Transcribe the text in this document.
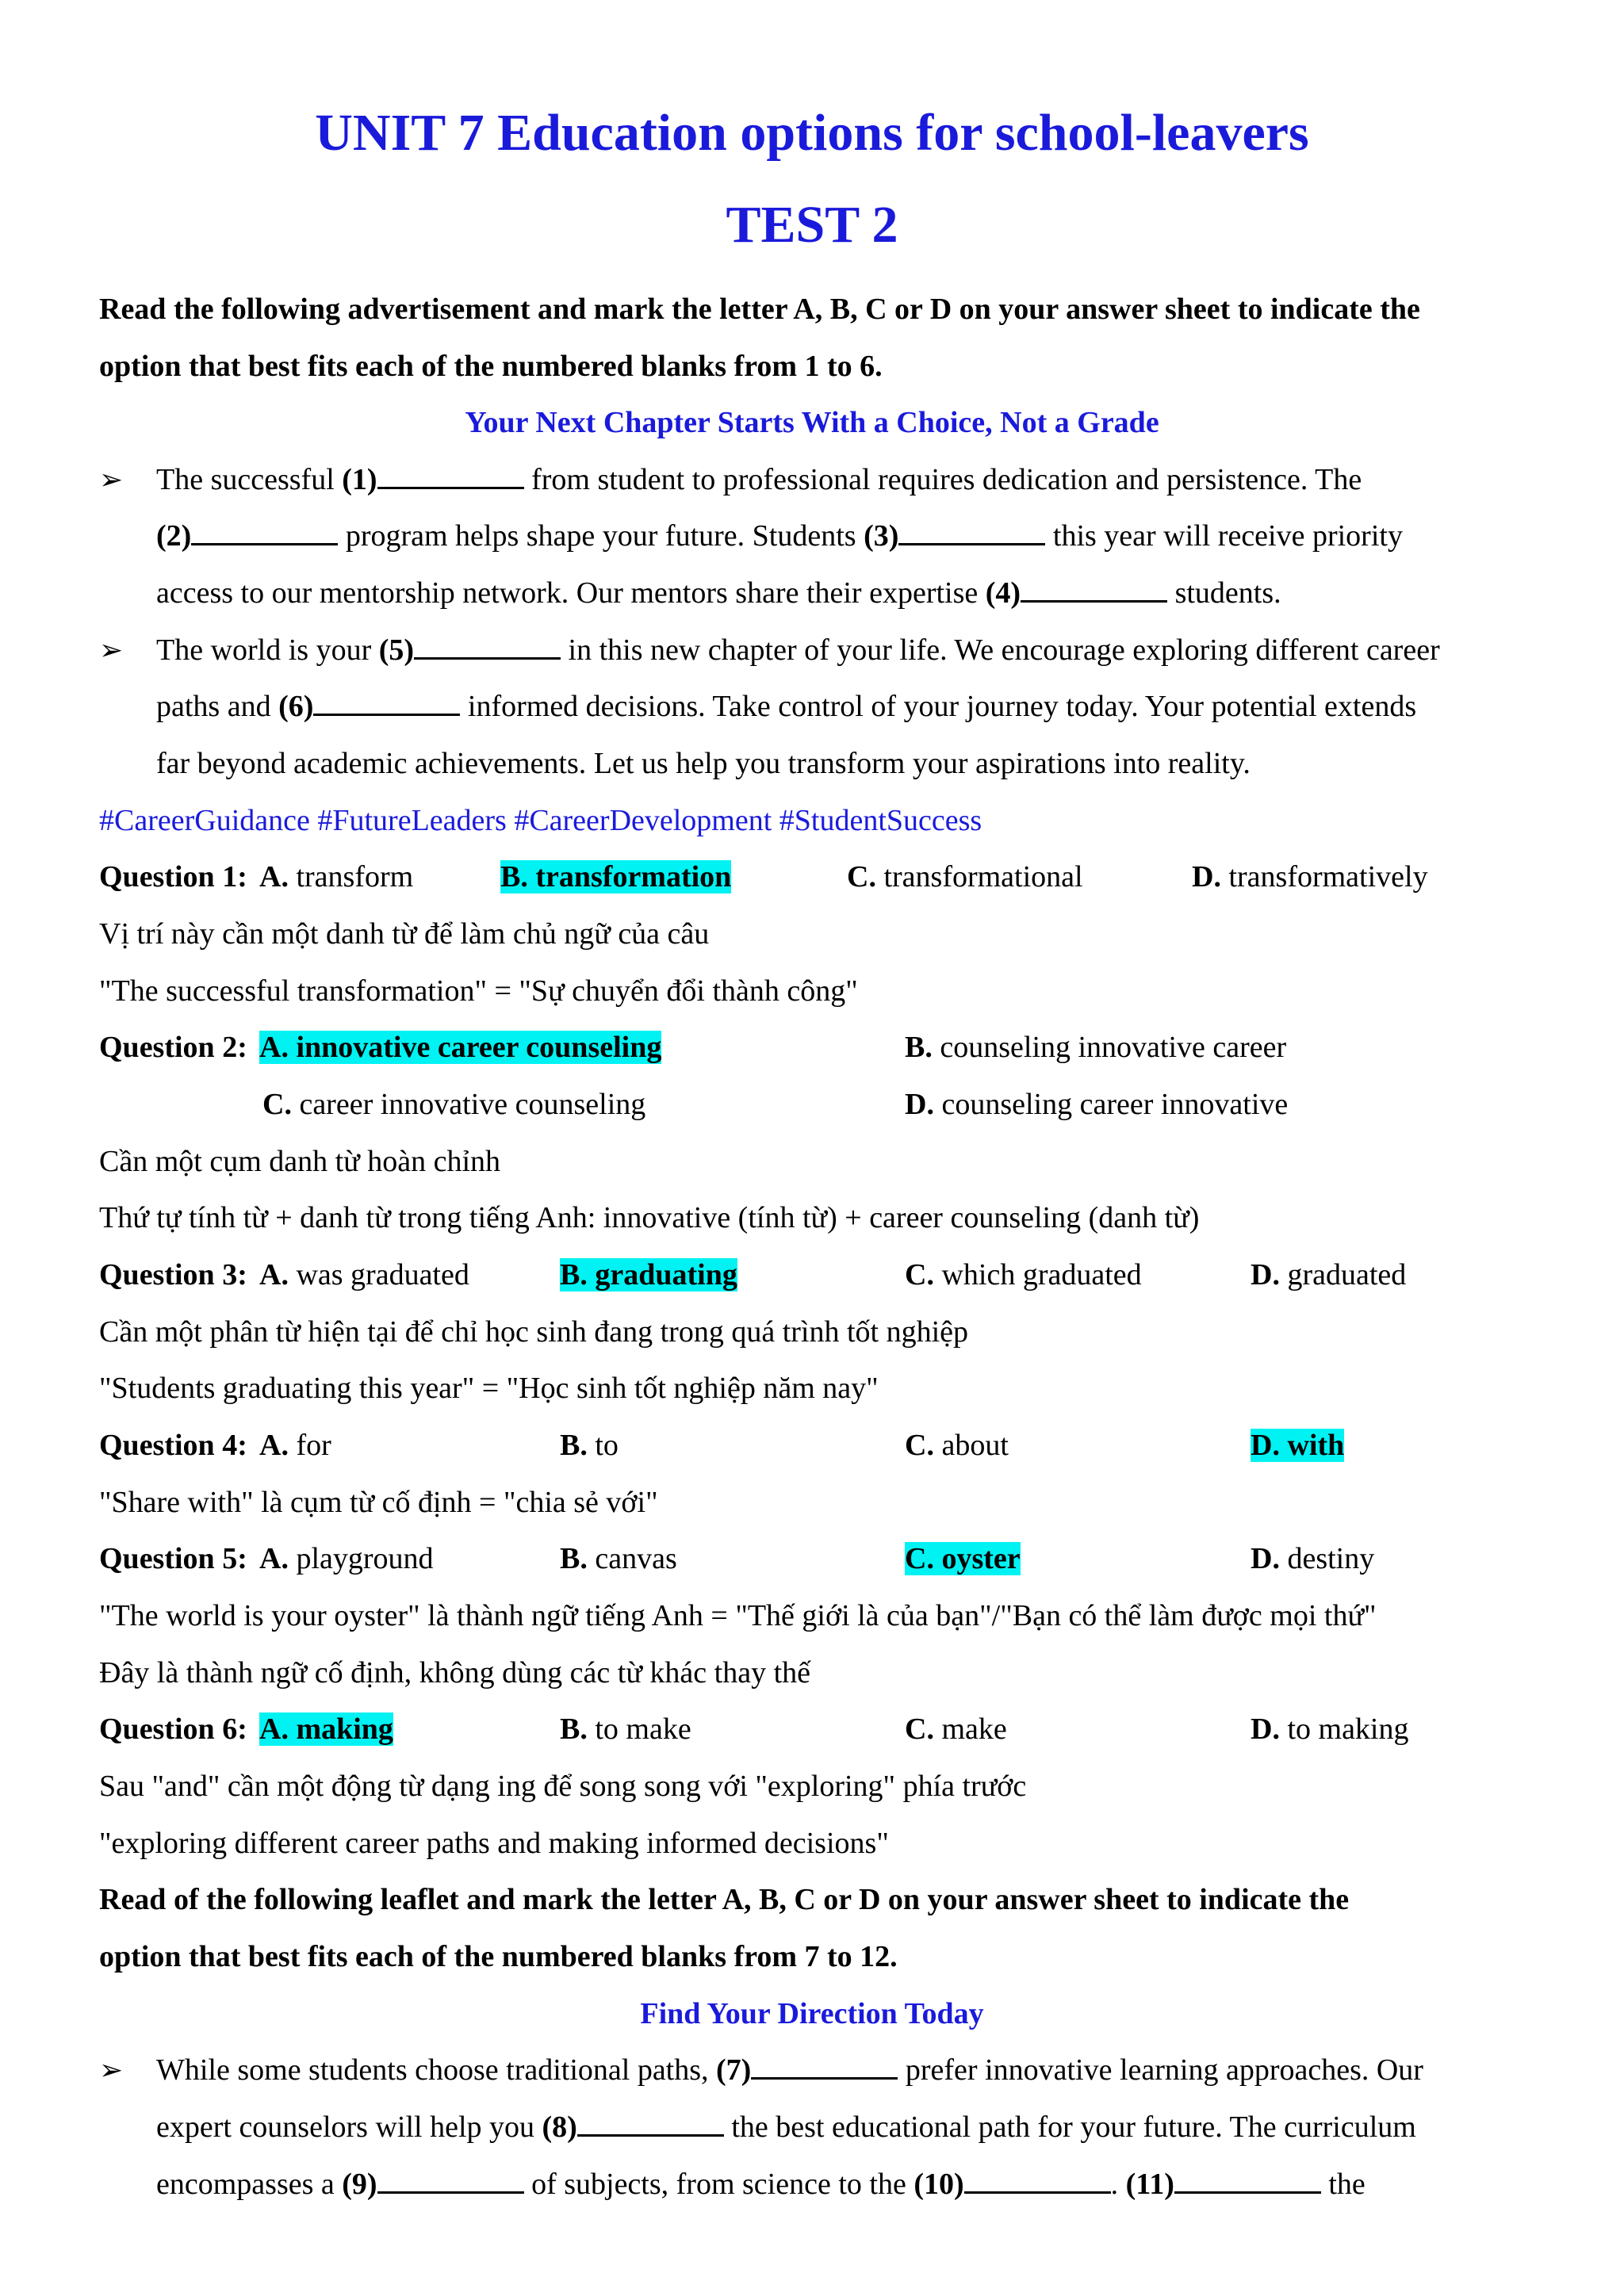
UNIT 7 Education options for school-leavers
TEST 2
Read the following advertisement and mark the letter A, B, C or D on your answer sheet to indicate the
option that best fits each of the numbered blanks from 1 to 6.
Your Next Chapter Starts With a Choice, Not a Grade
➢ The successful (1)	from student to professional requires dedication and persistence. The
(2)	program helps shape your future. Students (3)	this year will receive priority
access to our mentorship network. Our mentors share their expertise (4)	students.
➢ The world is your (5)	in this new chapter of your life. We encourage exploring different career
paths and (6)	informed decisions. Take control of your journey today. Your potential extends
far beyond academic achievements. Let us help you transform your aspirations into reality.
#CareerGuidance #FutureLeaders #CareerDevelopment #StudentSuccess
Question 1: A. transform	B. transformation	C. transformational	D. transformatively
Vị trí này cần một danh từ để làm chủ ngữ của câu
"The successful transformation" = "Sự chuyển đổi thành công"
Question 2: A. innovative career counseling	B. counseling innovative career
C. career innovative counseling	D. counseling career innovative
Cần một cụm danh từ hoàn chỉnh
Thứ tự tính từ + danh từ trong tiếng Anh: innovative (tính từ) + career counseling (danh từ)
Question 3: A. was graduated	B. graduating	C. which graduated	D. graduated
Cần một phân từ hiện tại để chỉ học sinh đang trong quá trình tốt nghiệp
"Students graduating this year" = "Học sinh tốt nghiệp năm nay"
Question 4: A. for	B. to	C. about	D. with
"Share with" là cụm từ cố định = "chia sẻ với"
Question 5: A. playground	B. canvas	C. oyster	D. destiny
"The world is your oyster" là thành ngữ tiếng Anh = "Thế giới là của bạn"/"Bạn có thể làm được mọi thứ"
Đây là thành ngữ cố định, không dùng các từ khác thay thế
Question 6: A. making	B. to make	C. make	D. to making
Sau "and" cần một động từ dạng ing để song song với "exploring" phía trước
"exploring different career paths and making informed decisions"
Read of the following leaflet and mark the letter A, B, C or D on your answer sheet to indicate the
option that best fits each of the numbered blanks from 7 to 12.
Find Your Direction Today
➢ While some students choose traditional paths, (7)	prefer innovative learning approaches. Our
expert counselors will help you (8)	the best educational path for your future. The curriculum
encompasses a (9)	of subjects, from science to the (10)	. (11)	the
